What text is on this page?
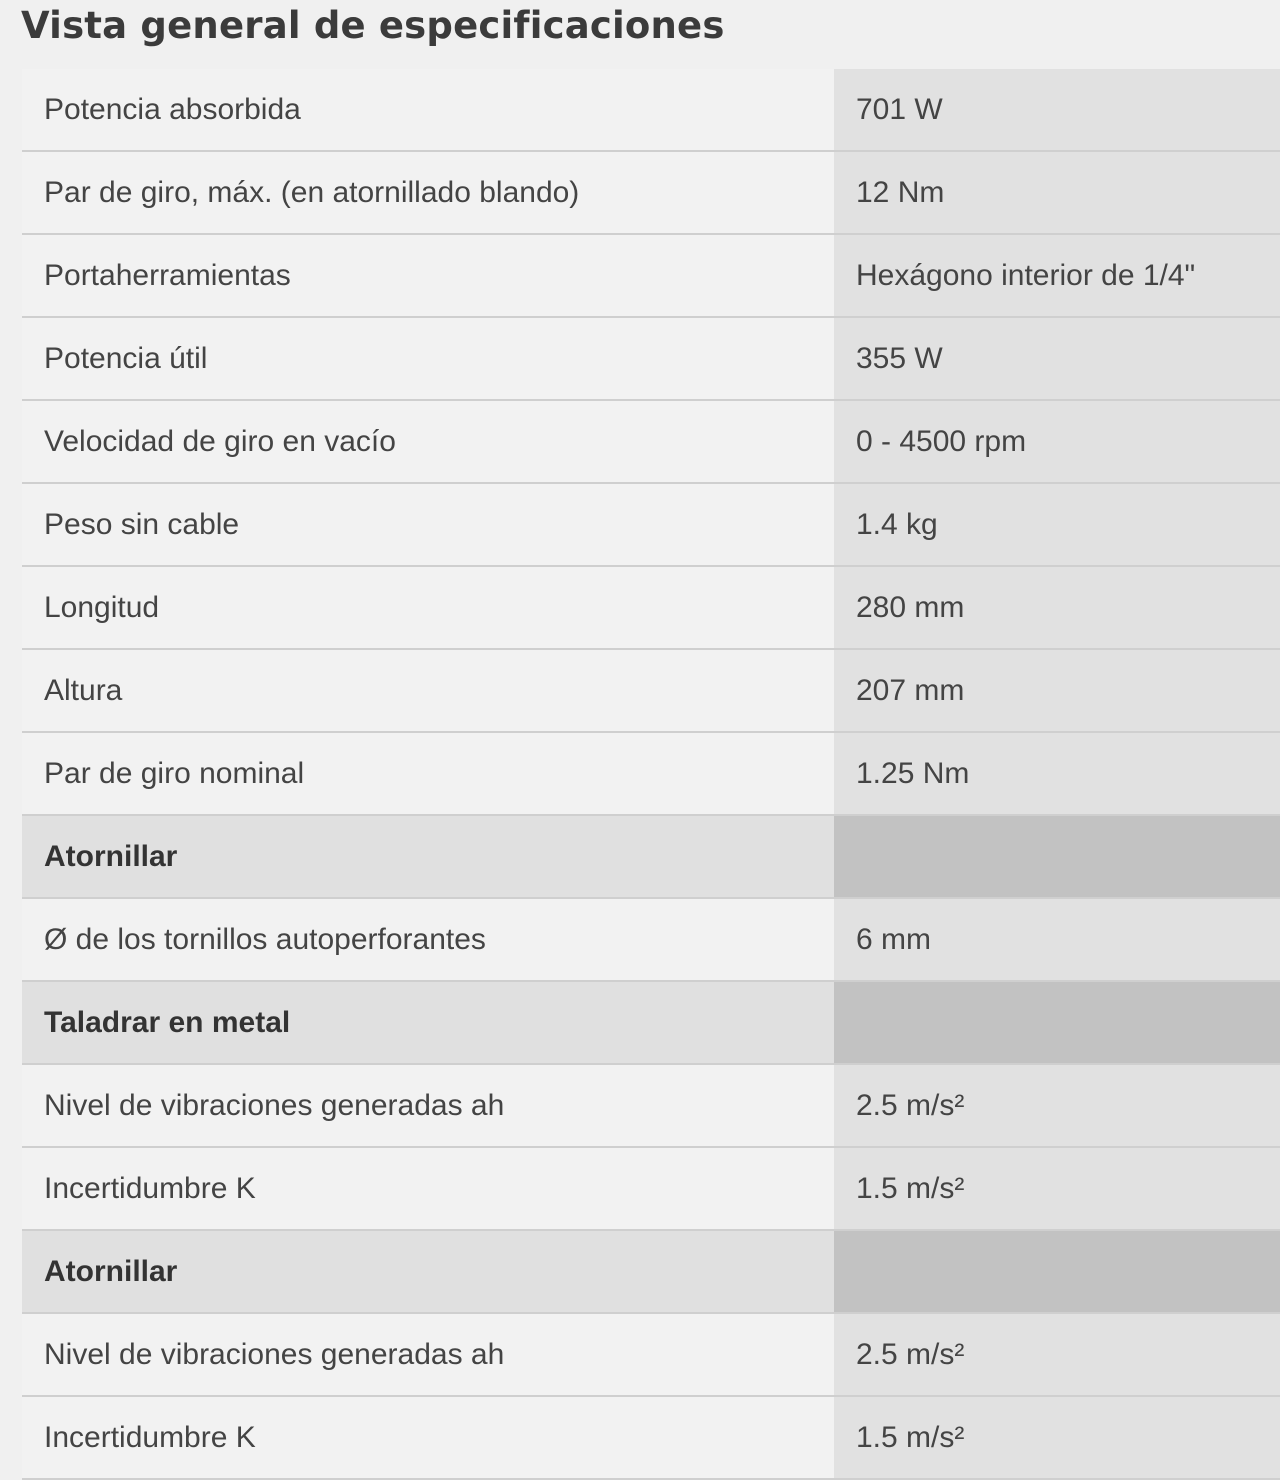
Vista general de especificaciones
Potencia absorbida	701 W
Par de giro, máx. (en atornillado blando)	12 Nm
Portaherramientas	Hexágono interior de 1/4"
Potencia útil	355 W
Velocidad de giro en vacío	0 - 4500 rpm
Peso sin cable	1.4 kg
Longitud	280 mm
Altura	207 mm
Par de giro nominal	1.25 Nm
Atornillar	
Ø de los tornillos autoperforantes	6 mm
Taladrar en metal	
Nivel de vibraciones generadas ah	2.5 m/s²
Incertidumbre K	1.5 m/s²
Atornillar	
Nivel de vibraciones generadas ah	2.5 m/s²
Incertidumbre K	1.5 m/s²
